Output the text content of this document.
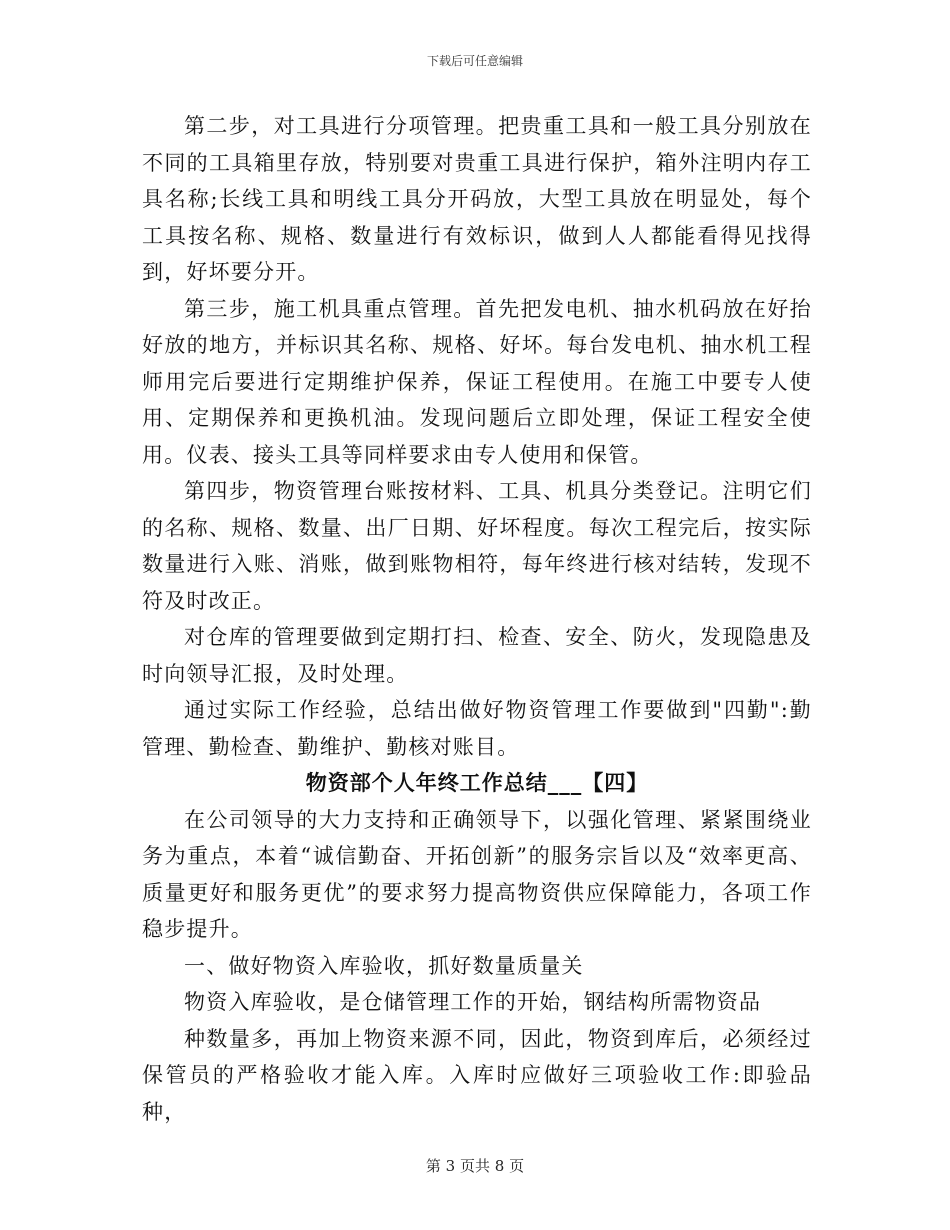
下载后可任意编辑

第二步，对工具进行分项管理。把贵重工具和一般工具分别放在不同的工具箱里存放，特别要对贵重工具进行保护，箱外注明内存工具名称;长线工具和明线工具分开码放，大型工具放在明显处，每个工具按名称、规格、数量进行有效标识，做到人人都能看得见找得到，好坏要分开。

第三步，施工机具重点管理。首先把发电机、抽水机码放在好抬好放的地方，并标识其名称、规格、好坏。每台发电机、抽水机工程师用完后要进行定期维护保养，保证工程使用。在施工中要专人使用、定期保养和更换机油。发现问题后立即处理，保证工程安全使用。仪表、接头工具等同样要求由专人使用和保管。

第四步，物资管理台账按材料、工具、机具分类登记。注明它们的名称、规格、数量、出厂日期、好坏程度。每次工程完后，按实际数量进行入账、消账，做到账物相符，每年终进行核对结转，发现不符及时改正。

对仓库的管理要做到定期打扫、检查、安全、防火，发现隐患及时向领导汇报，及时处理。

通过实际工作经验，总结出做好物资管理工作要做到"四勤":勤管理、勤检查、勤维护、勤核对账目。

物资部个人年终工作总结___【四】

在公司领导的大力支持和正确领导下，以强化管理、紧紧围绕业务为重点，本着“诚信勤奋、开拓创新”的服务宗旨以及“效率更高、质量更好和服务更优”的要求努力提高物资供应保障能力，各项工作稳步提升。

一、做好物资入库验收，抓好数量质量关

物资入库验收，是仓储管理工作的开始，钢结构所需物资品

种数量多，再加上物资来源不同，因此，物资到库后，必须经过保管员的严格验收才能入库。入库时应做好三项验收工作:即验品种，

第 3 页共 8 页
